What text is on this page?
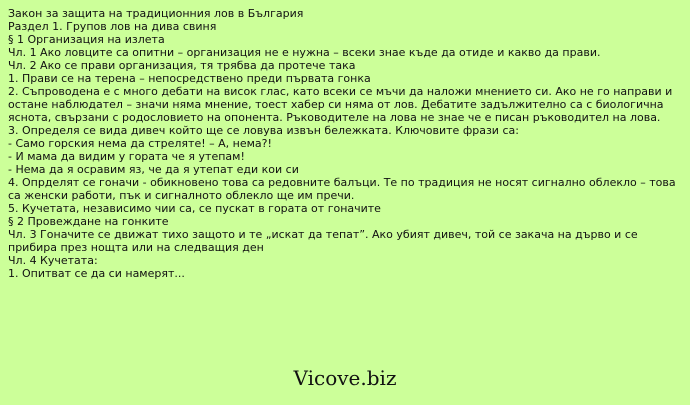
Закон за защита на традиционния лов в България

Раздел 1. Групов лов на дива свиня

§ 1 Организация на излета

Чл. 1 Ако ловците са опитни – организация не е нужна – всеки знае къде да отиде и какво да прави.

Чл. 2 Ако се прави организация, тя трябва да протече така

1. Прави се на терена – непосредствено преди първата гонка

2. Съпроводена е с много дебати на висок глас, като всеки се мъчи да наложи мнението си. Ако не го направи и остане наблюдател – значи няма мнение, тоест хабер си няма от лов. Дебатите задължително са с биологична яснота, свързани с родословието на опонента. Ръководителе на лова не знае че е писан ръководител на лова.

3. Определя се вида дивеч който ще се ловува извън бележката. Ключовите фрази са:

- Само горския нема да стреляте! – А, нема?!

- И мама да видим у гората че я утепам!

- Нема да я осравим яз, че да я утепат еди кои си

4. Опрделят се гоначи - обикновено това са редовните балъци. Те по традиция не носят сигнално облекло – това са женски работи, пък и сигналното облекло ще им пречи.

5. Кучетата, независимо чии са, се пускат в гората от гоначите

§ 2 Провеждане на гонките

Чл. 3 Гоначите се движат тихо защото и те „искат да тепат”. Ако убият дивеч, той се закача на дърво и се прибира през нощта или на следващия ден

Чл. 4 Кучетата:

1. Опитват се да си намерят...

Vicove.biz
